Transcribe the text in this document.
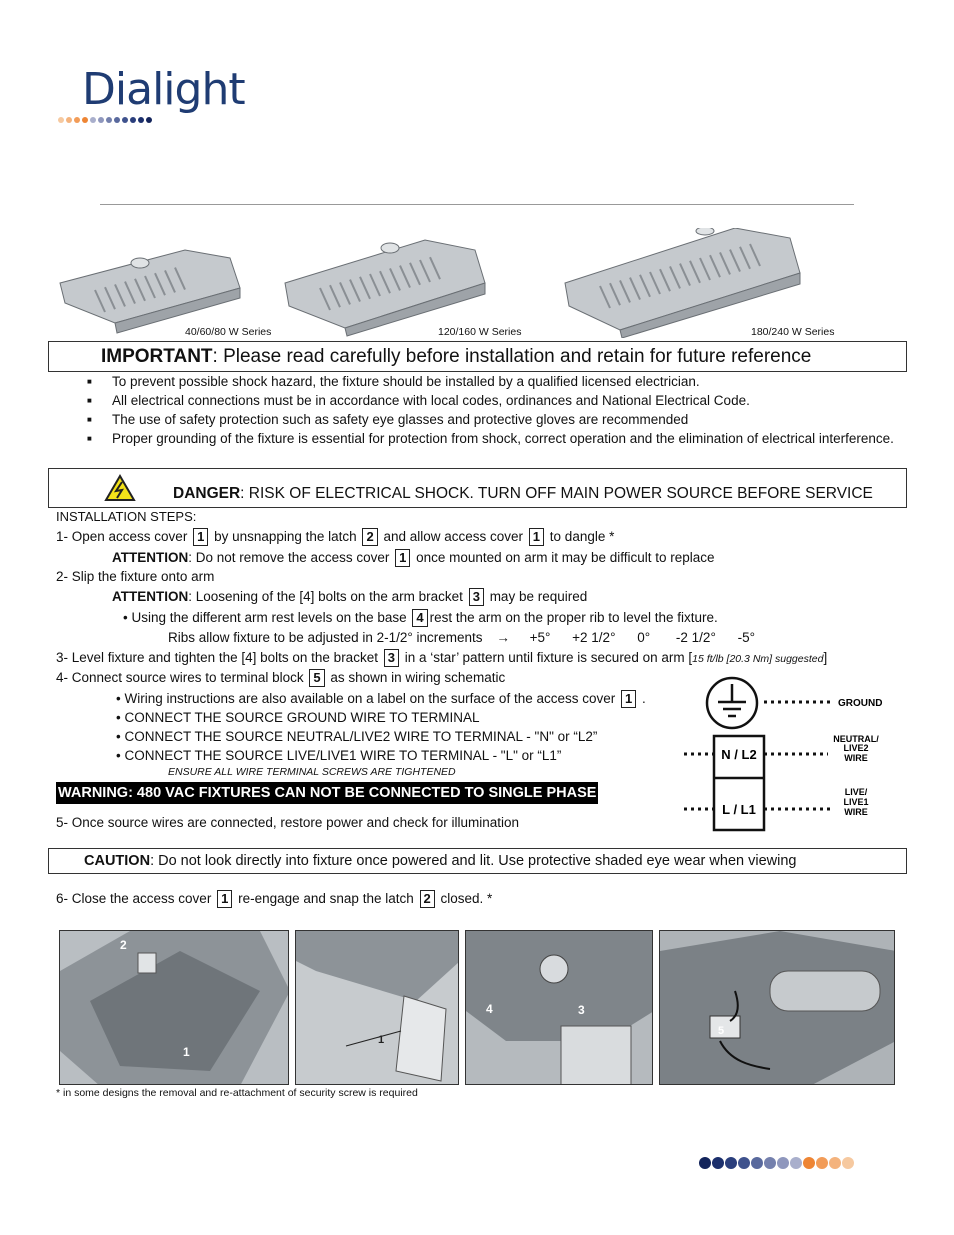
Dialight
40/60/80 W Series	120/160 W Series	180/240 W Series
IMPORTANT: Please read carefully before installation and retain for future reference
■ To prevent possible shock hazard, the fixture should be installed by a qualified licensed electrician.
■ All electrical connections must be in accordance with local codes, ordinances and National Electrical Code.
■ The use of safety protection such as safety eye glasses and protective gloves are recommended
■ Proper grounding of the fixture is essential for protection from shock, correct operation and the elimination of electrical interference.
DANGER: RISK OF ELECTRICAL SHOCK. TURN OFF MAIN POWER SOURCE BEFORE SERVICE
INSTALLATION STEPS:
1- Open access cover 1 by unsnapping the latch 2 and allow access cover 1 to dangle *
ATTENTION: Do not remove the access cover 1 once mounted on arm it may be difficult to replace
2- Slip the fixture onto arm
ATTENTION: Loosening of the [4] bolts on the arm bracket 3 may be required
• Using the different arm rest levels on the base 4 rest the arm on the proper rib to level the fixture.
Ribs allow fixture to be adjusted in 2-1/2° increments → +5° +2 1/2° 0° -2 1/2° -5°
3- Level fixture and tighten the [4] bolts on the bracket 3 in a ‘star’ pattern until fixture is secured on arm [15 ft/lb [20.3 Nm] suggested]
4- Connect source wires to terminal block 5 as shown in wiring schematic
• Wiring instructions are also available on a label on the surface of the access cover 1 .
• CONNECT THE SOURCE GROUND WIRE TO TERMINAL
• CONNECT THE SOURCE NEUTRAL/LIVE2 WIRE TO TERMINAL - "N" or “L2”
• CONNECT THE SOURCE LIVE/LIVE1 WIRE TO TERMINAL - "L" or “L1”
ENSURE ALL WIRE TERMINAL SCREWS ARE TIGHTENED
WARNING: 480 VAC FIXTURES CAN NOT BE CONNECTED TO SINGLE PHASE
5- Once source wires are connected, restore power and check for illumination
N / L2
L / L1
GROUND
NEUTRAL/
LIVE2
WIRE
LIVE/
LIVE1
WIRE
CAUTION: Do not look directly into fixture once powered and lit. Use protective shaded eye wear when viewing
6- Close the access cover 1 re-engage and snap the latch 2 closed. *
2
1
1
4	3
5
* in some designs the removal and re-attachment of security screw is required
